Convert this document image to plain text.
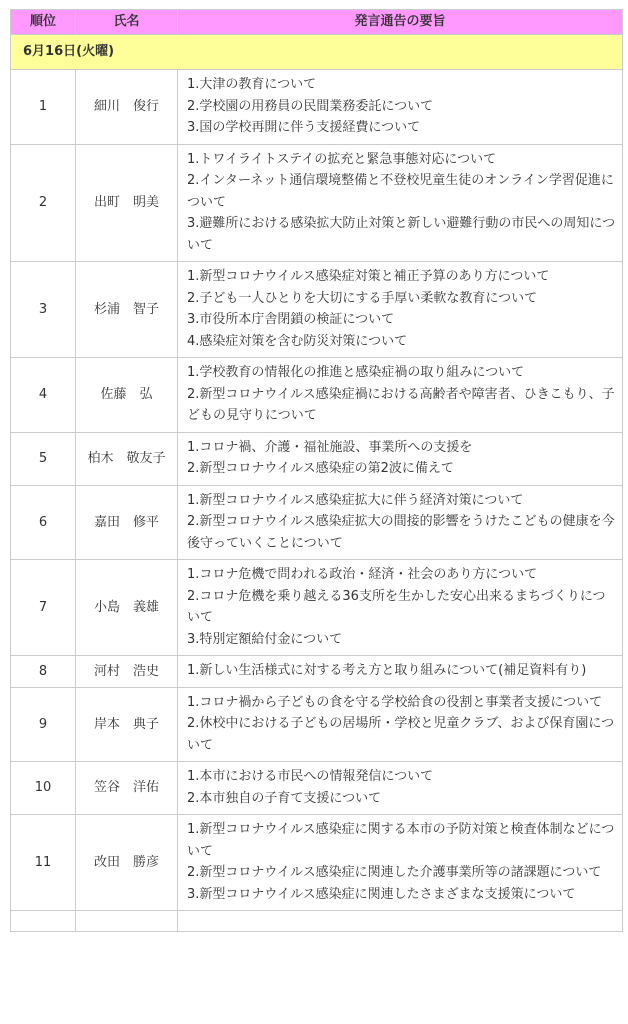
順位	氏名	発言通告の要旨
6月16日(火曜)		
1	細川　俊行	1.大津の教育について
2.学校園の用務員の民間業務委託について
3.国の学校再開に伴う支援経費について

2	出町　明美	1.トワイライトステイの拡充と緊急事態対応について
2.インターネット通信環境整備と不登校児童生徒のオンライン学習促進について
3.避難所における感染拡大防止対策と新しい避難行動の市民への周知について

3	杉浦　智子	1.新型コロナウイルス感染症対策と補正予算のあり方について
2.子ども一人ひとりを大切にする手厚い柔軟な教育について
3.市役所本庁舎閉鎖の検証について
4.感染症対策を含む防災対策について

4	佐藤　弘	1.学校教育の情報化の推進と感染症禍の取り組みについて
2.新型コロナウイルス感染症禍における高齢者や障害者、ひきこもり、子どもの見守りについて

5	柏木　敬友子	1.コロナ禍、介護・福祉施設、事業所への支援を
2.新型コロナウイルス感染症の第2波に備えて

6	嘉田　修平	1.新型コロナウイルス感染症拡大に伴う経済対策について
2.新型コロナウイルス感染症拡大の間接的影響をうけたこどもの健康を今後守っていくことについて

7	小島　義雄	1.コロナ危機で問われる政治・経済・社会のあり方について
2.コロナ危機を乗り越える36支所を生かした安心出来るまちづくりについて
3.特別定額給付金について

8	河村　浩史	1.新しい生活様式に対する考え方と取り組みについて(補足資料有り)

9	岸本　典子	1.コロナ禍から子どもの食を守る学校給食の役割と事業者支援について
2.休校中における子どもの居場所・学校と児童クラブ、および保育園について

10	笠谷　洋佑	1.本市における市民への情報発信について
2.本市独自の子育て支援について

11	改田　勝彦	1.新型コロナウイルス感染症に関する本市の予防対策と検査体制などについて
2.新型コロナウイルス感染症に関連した介護事業所等の諸課題について
3.新型コロナウイルス感染症に関連したさまざまな支援策について
